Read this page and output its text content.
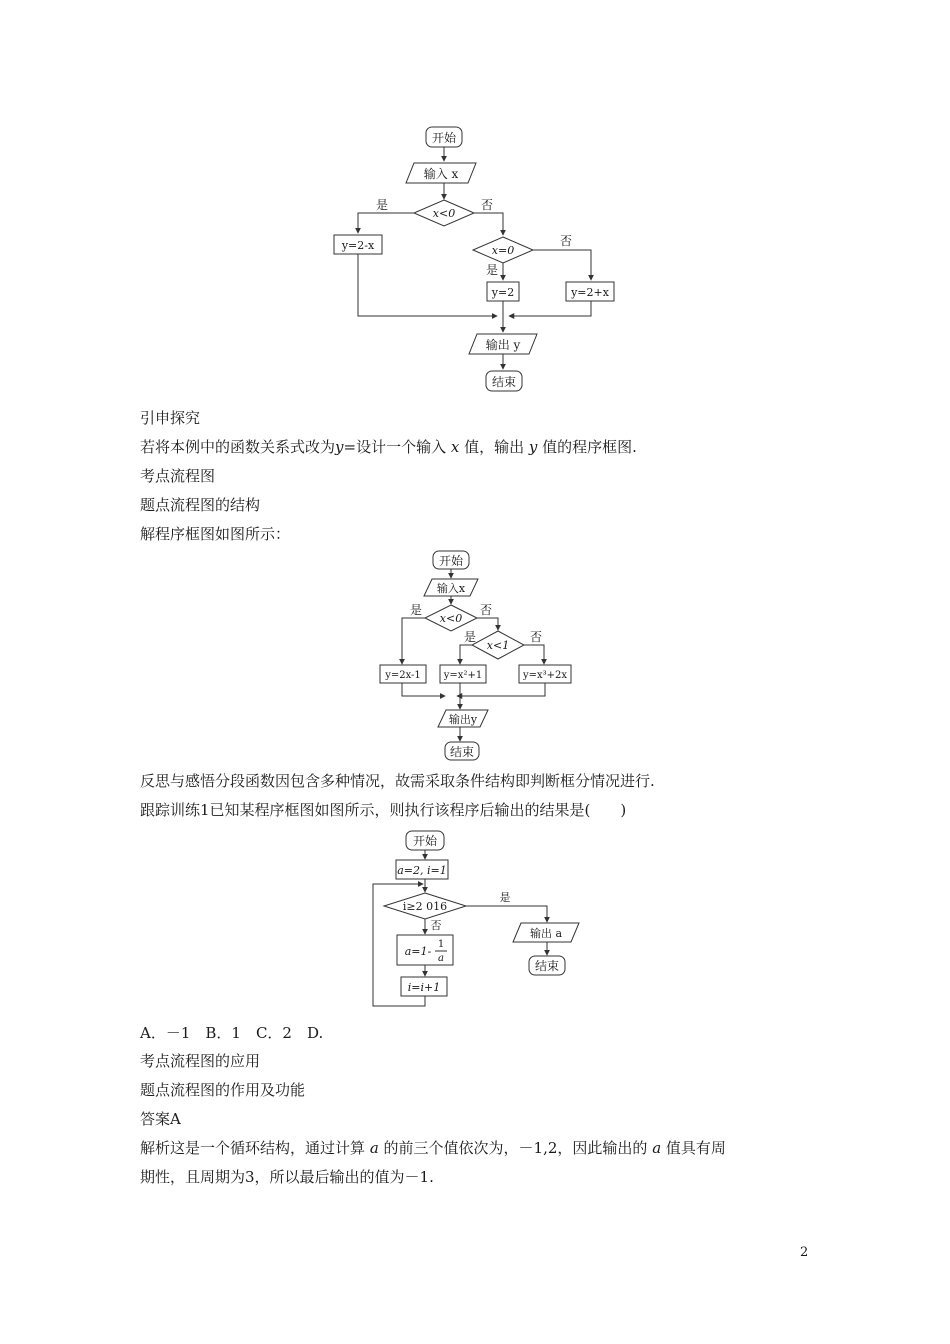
开始
输入 x
x<0
是	否
y=2-x	x=0
是
否
y=2	y=2+x
输出 y
结束
引申探究
若将本例中的函数关系式改为y=设计一个输入 x 值，输出 y 值的程序框图.
考点流程图
题点流程图的结构
解程序框图如图所示：
开始
输入x
x<0
是	否
x<1
是	否
y=2x-1 y=x²+1	y=x³+2x
输出y
结束
反思与感悟分段函数因包含多种情况，故需采取条件结构即判断框分情况进行.
跟踪训练1已知某程序框图如图所示，则执行该程序后输出的结果是(　　)
开始
a=2, i=1
i≥2 016
是
否
a=1-
1
a
i=i+1
输出 a
结束
A．－1　B．1　C．2　D.
考点流程图的应用
题点流程图的作用及功能
答案A
解析这是一个循环结构，通过计算 a 的前三个值依次为，－1,2，因此输出的 a 值具有周
期性，且周期为3，所以最后输出的值为－1.
2
